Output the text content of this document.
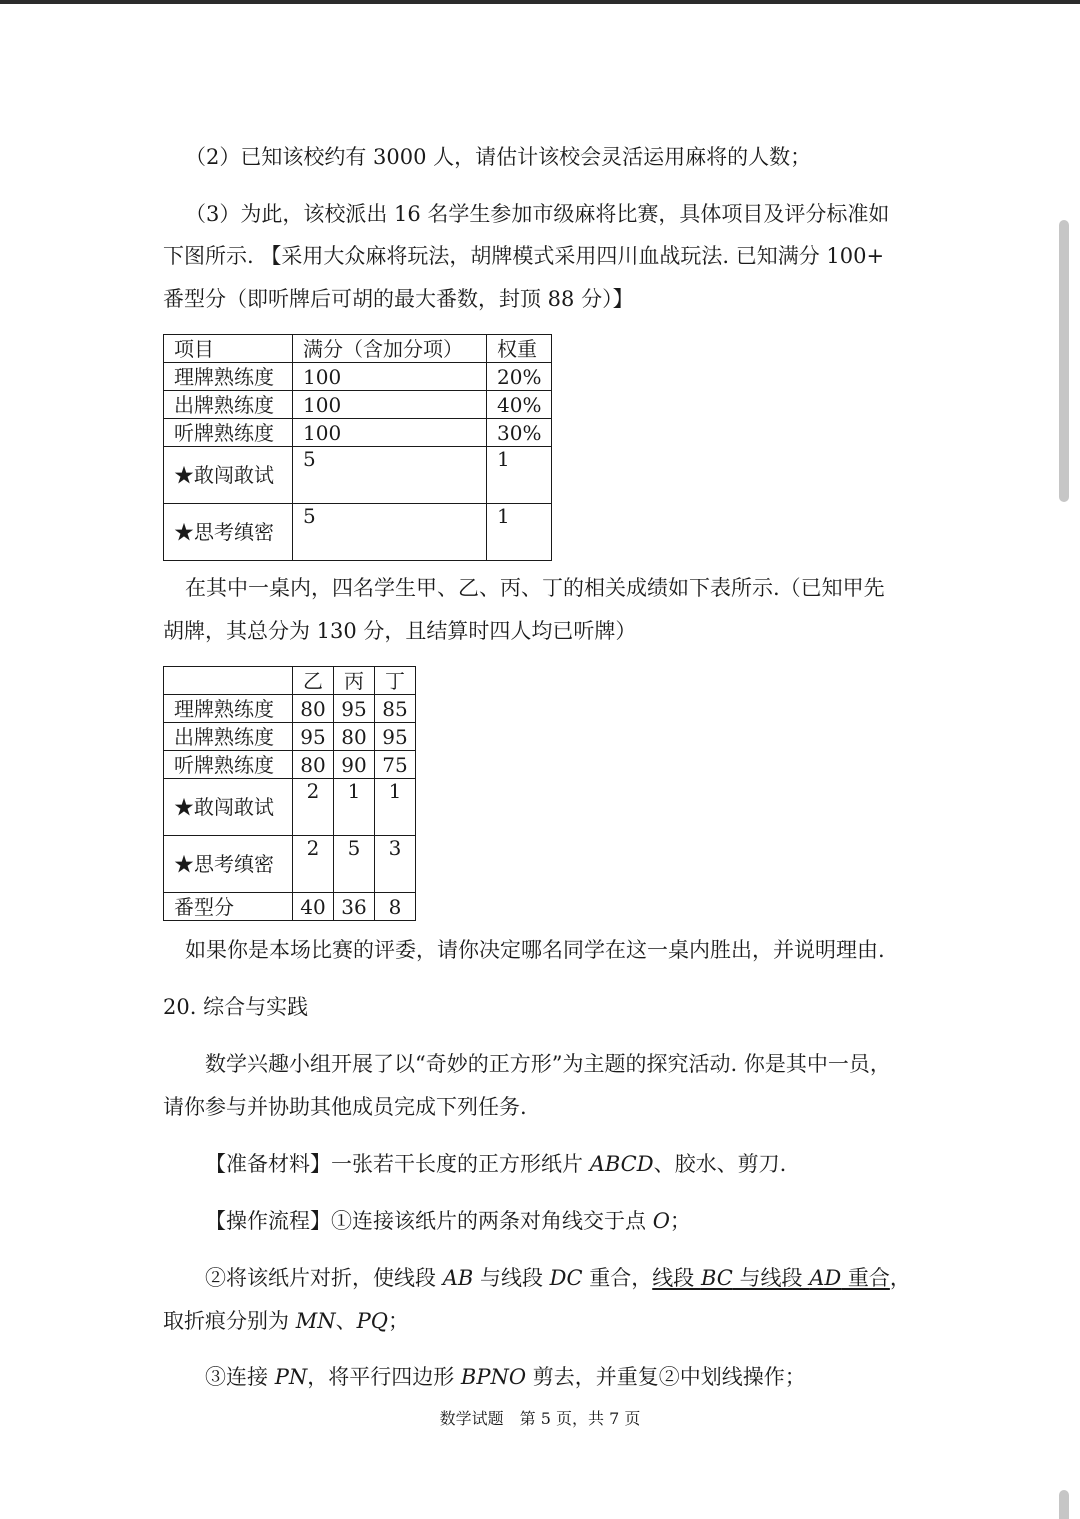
（2）已知该校约有 3000 人，请估计该校会灵活运用麻将的人数；
（3）为此，该校派出 16 名学生参加市级麻将比赛，具体项目及评分标准如
下图所示. 【采用大众麻将玩法，胡牌模式采用四川血战玩法. 已知满分 100+
番型分（即听牌后可胡的最大番数，封顶 88 分）】
项目	满分（含加分项）	权重
理牌熟练度	100	20%
出牌熟练度	100	40%
听牌熟练度	100	30%
★敢闯敢试	5	1
★思考缜密	5	1
在其中一桌内，四名学生甲、乙、丙、丁的相关成绩如下表所示.（已知甲先
胡牌，其总分为 130 分，且结算时四人均已听牌）
	乙	丙	丁
理牌熟练度	80	95	85
出牌熟练度	95	80	95
听牌熟练度	80	90	75
★敢闯敢试	2	1	1
★思考缜密	2	5	3
番型分	40	36	8
如果你是本场比赛的评委，请你决定哪名同学在这一桌内胜出，并说明理由.
20. 综合与实践
数学兴趣小组开展了以“奇妙的正方形”为主题的探究活动. 你是其中一员，
请你参与并协助其他成员完成下列任务.
【准备材料】一张若干长度的正方形纸片 ABCD、胶水、剪刀.
【操作流程】①连接该纸片的两条对角线交于点 O；
②将该纸片对折，使线段 AB 与线段 DC 重合，线段 BC 与线段 AD 重合，
取折痕分别为 MN、PQ；
③连接 PN，将平行四边形 BPNO 剪去，并重复②中划线操作；
数学试题　第 5 页，共 7 页
